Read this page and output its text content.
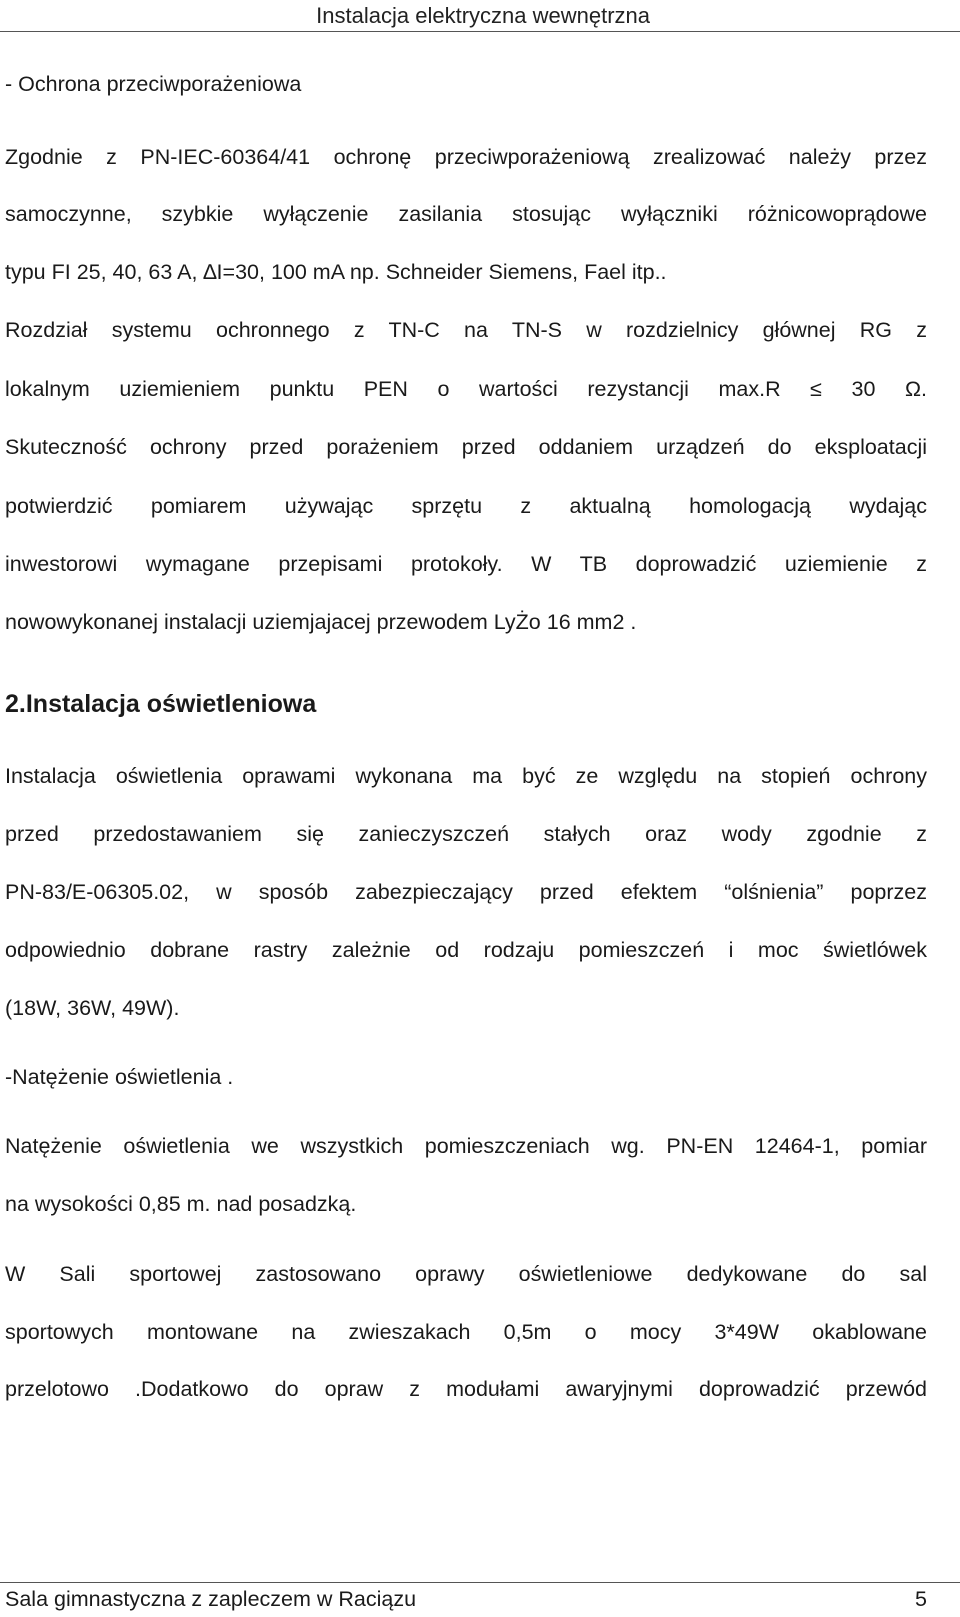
Instalacja elektryczna wewnętrzna
- Ochrona przeciwporażeniowa
Zgodnie z PN-IEC-60364/41 ochronę przeciwporażeniową zrealizować należy przez
samoczynne, szybkie wyłączenie zasilania stosując wyłączniki różnicowoprądowe
typu FI 25, 40, 63 A, ∆I=30, 100 mA np. Schneider Siemens, Fael itp..
Rozdział systemu ochronnego z TN-C na TN-S w rozdzielnicy głównej RG z
lokalnym uziemieniem punktu PEN o wartości rezystancji max.R ≤ 30 Ω.
Skuteczność ochrony przed porażeniem przed oddaniem urządzeń do eksploatacji
potwierdzić pomiarem używając sprzętu z aktualną homologacją wydając
inwestorowi wymagane przepisami protokoły. W TB doprowadzić uziemienie z
nowowykonanej instalacji uziemjajacej przewodem LyŻo 16 mm2 .
2.Instalacja oświetleniowa
Instalacja oświetlenia oprawami wykonana ma być ze względu na stopień ochrony
przed przedostawaniem się zanieczyszczeń stałych oraz wody zgodnie z
PN-83/E-06305.02, w sposób zabezpieczający przed efektem “olśnienia” poprzez
odpowiednio dobrane rastry zależnie od rodzaju pomieszczeń i moc świetlówek
(18W, 36W, 49W).
-Natężenie oświetlenia .
Natężenie oświetlenia we wszystkich pomieszczeniach wg. PN-EN 12464-1, pomiar
na wysokości 0,85 m. nad posadzką.
W Sali sportowej zastosowano oprawy oświetleniowe dedykowane do sal
sportowych montowane na zwieszakach 0,5m o mocy 3*49W okablowane
przelotowo .Dodatkowo do opraw z modułami awaryjnymi doprowadzić przewód
Sala gimnastyczna z zapleczem w Raciązu	5
